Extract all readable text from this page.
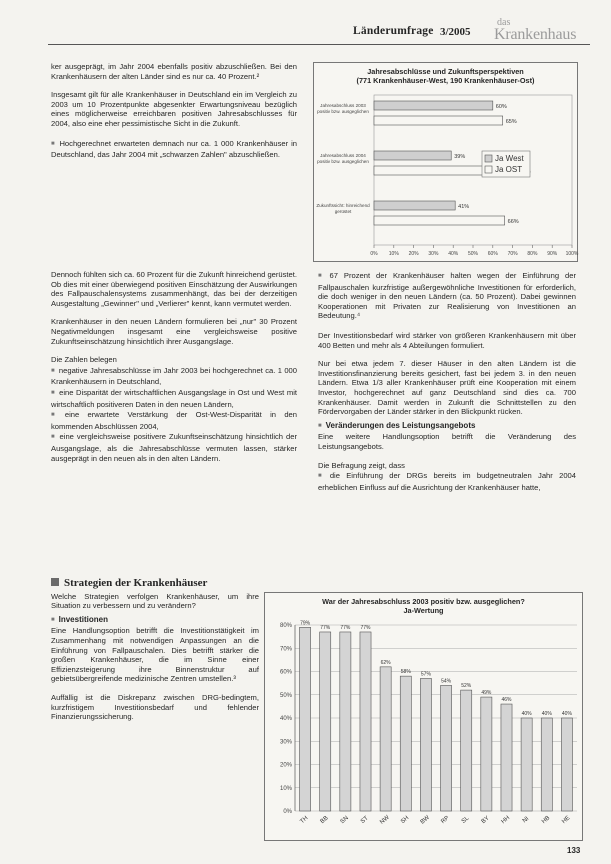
Länderumfrage 3/2005
das
Krankenhaus

ker ausgeprägt, im Jahr 2004 ebenfalls positiv abzuschließen. Bei den Krankenhäusern der alten Länder sind es nur ca. 40 Prozent.²

Insgesamt gilt für alle Krankenhäuser in Deutschland ein im Vergleich zu 2003 um 10 Prozentpunkte abgesenkter Erwartungsniveau bezüglich eines möglicherweise erreichbaren positiven Jahresabschlusses für 2004, also eine eher pessimistische Sicht in die Zukunft.

■ Hochgerechnet erwarteten demnach nur ca. 1 000 Krankenhäuser in Deutschland, das Jahr 2004 mit „schwarzen Zahlen" abzuschließen.

Jahresabschlüsse und Zukunftsperspektiven
(771 Krankenhäuser-West, 190 Krankenhäuser-Ost)
0% 10% 20% 30% 40% 50% 60% 70% 80% 90% 100%
Jahresabschluss 2003 positiv bzw. ausgeglichen
60%
65%
Jahresabschluss 2004 positiv bzw. ausgeglichen
39%
Zukunftssicht: hinreichend gerüstet
41%
66%
Ja West
Ja OST

Dennoch fühlten sich ca. 60 Prozent für die Zukunft hinreichend gerüstet. Ob dies mit einer überwiegend positiven Einschätzung der Auswirkungen des Fallpauschalensystems zusammenhängt, das bei der derzeitigen Ausgestaltung „Gewinner" und „Verlierer" kennt, kann vermutet werden.

Krankenhäuser in den neuen Ländern formulieren bei „nur" 30 Prozent Negativmeldungen insgesamt eine vergleichsweise positive Zukunftseinschätzung hinsichtlich ihrer Ausgangslage.

Die Zahlen belegen

■ negative Jahresabschlüsse im Jahr 2003 bei hochgerechnet ca. 1 000 Krankenhäusern in Deutschland,

■ eine Disparität der wirtschaftlichen Ausgangslage in Ost und West mit wirtschaftlich positiveren Daten in den neuen Ländern,

■ eine erwartete Verstärkung der Ost-West-Disparität in den kommenden Abschlüssen 2004,

■ eine vergleichsweise positivere Zukunftseinschätzung hinsichtlich der Ausgangslage, als die Jahresabschlüsse vermuten lassen, stärker ausgeprägt in den neuen als in den alten Ländern.

Strategien der Krankenhäuser

Welche Strategien verfolgen Krankenhäuser, um ihre Situation zu verbessern und zu verändern?

■ Investitionen

Eine Handlungsoption betrifft die Investitionstätigkeit im Zusammenhang mit notwendigen Anpassungen an die Einführung von Fallpauschalen. Dies betrifft stärker die großen Krankenhäuser, die im Sinne einer Effizienzsteigerung ihre Binnenstruktur auf gebietsübergreifende medizinische Zentren umstellen.³

Auffällig ist die Diskrepanz zwischen DRG-bedingtem, kurzfristigem Investitionsbedarf und fehlender Finanzierungssicherung.

■ 67 Prozent der Krankenhäuser halten wegen der Einführung der Fallpauschalen kurzfristige außergewöhnliche Investitionen für erforderlich, die doch weniger in den neuen Ländern (ca. 50 Prozent). Dabei gewinnen Kooperationen mit Privaten zur Realisierung von Investitionen an Bedeutung.⁴

Der Investitionsbedarf wird stärker von größeren Krankenhäusern mit über 400 Betten und mehr als 4 Abteilungen formuliert.

Nur bei etwa jedem 7. dieser Häuser in den alten Ländern ist die Investitionsfinanzierung bereits gesichert, fast bei jedem 3. in den neuen Ländern. Etwa 1/3 aller Krankenhäuser prüft eine Kooperation mit einem Investor, hochgerechnet auf ganz Deutschland sind dies ca. 700 Krankenhäuser. Damit werden in Zukunft die Schnittstellen zu den Fördervorgaben der Länder stärker in den Blickpunkt rücken.

■ Veränderungen des Leistungsangebots

Eine weitere Handlungsoption betrifft die Veränderung des Leistungsangebots.

Die Befragung zeigt, dass

■ die Einführung der DRGs bereits im budgetneutralen Jahr 2004 erheblichen Einfluss auf die Ausrichtung der Krankenhäuser hatte,

War der Jahresabschluss 2003 positiv bzw. ausgeglichen?
Ja-Wertung
0%
10%
20%
30%
40%
50%
60%
70%
80% 79%
TH
77%
BB
77%
SN
77%
ST
62%
NW
58%
SH
57%
BW
54%
RP
52%
SL
49%
BY
46%
HH
40%
NI
40%
HB
40%
HE
133
